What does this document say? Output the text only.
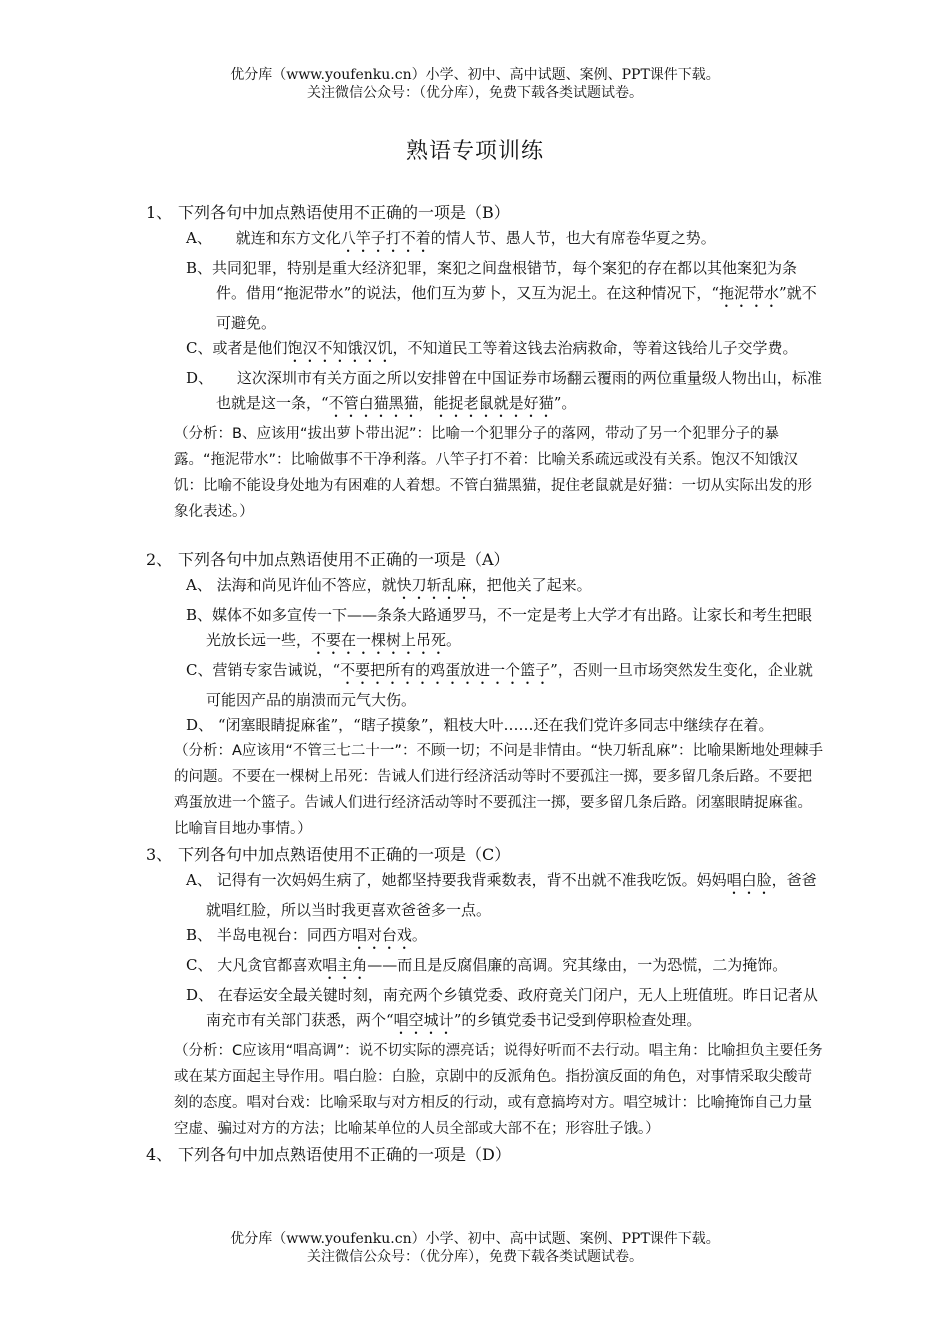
优分库（www.youfenku.cn）小学、初中、高中试题、案例、PPT课件下载。
关注微信公众号：（优分库），免费下载各类试题试卷。
熟语专项训练
1、 下列各句中加点熟语使用不正确的一项是（B）

A、 就连和东方文化八竿子打不着的情人节、愚人节，也大有席卷华夏之势。

B、共同犯罪，特别是重大经济犯罪，案犯之间盘根错节，每个案犯的存在都以其他案犯为条件。借用“拖泥带水”的说法，他们互为萝卜，又互为泥土。在这种情况下，“拖泥带水”就不可避免。

C、或者是他们饱汉不知饿汉饥，不知道民工等着这钱去治病救命，等着这钱给儿子交学费。

D、 这次深圳市有关方面之所以安排曾在中国证券市场翻云覆雨的两位重量级人物出山，标准也就是这一条，“不管白猫黑猫，能捉老鼠就是好猫”。

（分析：B、应该用“拔出萝卜带出泥”：比喻一个犯罪分子的落网，带动了另一个犯罪分子的暴露。“拖泥带水”：比喻做事不干净利落。八竿子打不着：比喻关系疏远或没有关系。饱汉不知饿汉饥：比喻不能设身处地为有困难的人着想。不管白猫黑猫，捉住老鼠就是好猫：一切从实际出发的形象化表述。）
2、 下列各句中加点熟语使用不正确的一项是（A）

A、 法海和尚见许仙不答应，就快刀斩乱麻，把他关了起来。

B、媒体不如多宣传一下——条条大路通罗马，不一定是考上大学才有出路。让家长和考生把眼光放长远一些，不要在一棵树上吊死。

C、营销专家告诫说，“不要把所有的鸡蛋放进一个篮子”，否则一旦市场突然发生变化，企业就可能因产品的崩溃而元气大伤。

D、 “闭塞眼睛捉麻雀”，“瞎子摸象”，粗枝大叶……还在我们党许多同志中继续存在着。

（分析：A应该用“不管三七二十一”：不顾一切；不问是非情由。“快刀斩乱麻”：比喻果断地处理棘手的问题。不要在一棵树上吊死：告诫人们进行经济活动等时不要孤注一掷，要多留几条后路。不要把鸡蛋放进一个篮子。告诫人们进行经济活动等时不要孤注一掷，要多留几条后路。闭塞眼睛捉麻雀。比喻盲目地办事情。）
3、 下列各句中加点熟语使用不正确的一项是（C）

A、 记得有一次妈妈生病了，她都坚持要我背乘数表，背不出就不准我吃饭。妈妈唱白脸，爸爸就唱红脸，所以当时我更喜欢爸爸多一点。

B、 半岛电视台：同西方唱对台戏。

C、 大凡贪官都喜欢唱主角——而且是反腐倡廉的高调。究其缘由，一为恐慌，二为掩饰。

D、 在春运安全最关键时刻，南充两个乡镇党委、政府竟关门闭户，无人上班值班。昨日记者从南充市有关部门获悉，两个“唱空城计”的乡镇党委书记受到停职检查处理。

（分析：C应该用“唱高调”：说不切实际的漂亮话；说得好听而不去行动。唱主角：比喻担负主要任务或在某方面起主导作用。唱白脸：白脸，京剧中的反派角色。指扮演反面的角色，对事情采取尖酸苛刻的态度。唱对台戏：比喻采取与对方相反的行动，或有意搞垮对方。唱空城计：比喻掩饰自己力量空虚、骗过对方的方法；比喻某单位的人员全部或大部不在；形容肚子饿。）
4、 下列各句中加点熟语使用不正确的一项是（D）
优分库（www.youfenku.cn）小学、初中、高中试题、案例、PPT课件下载。
关注微信公众号：（优分库），免费下载各类试题试卷。
